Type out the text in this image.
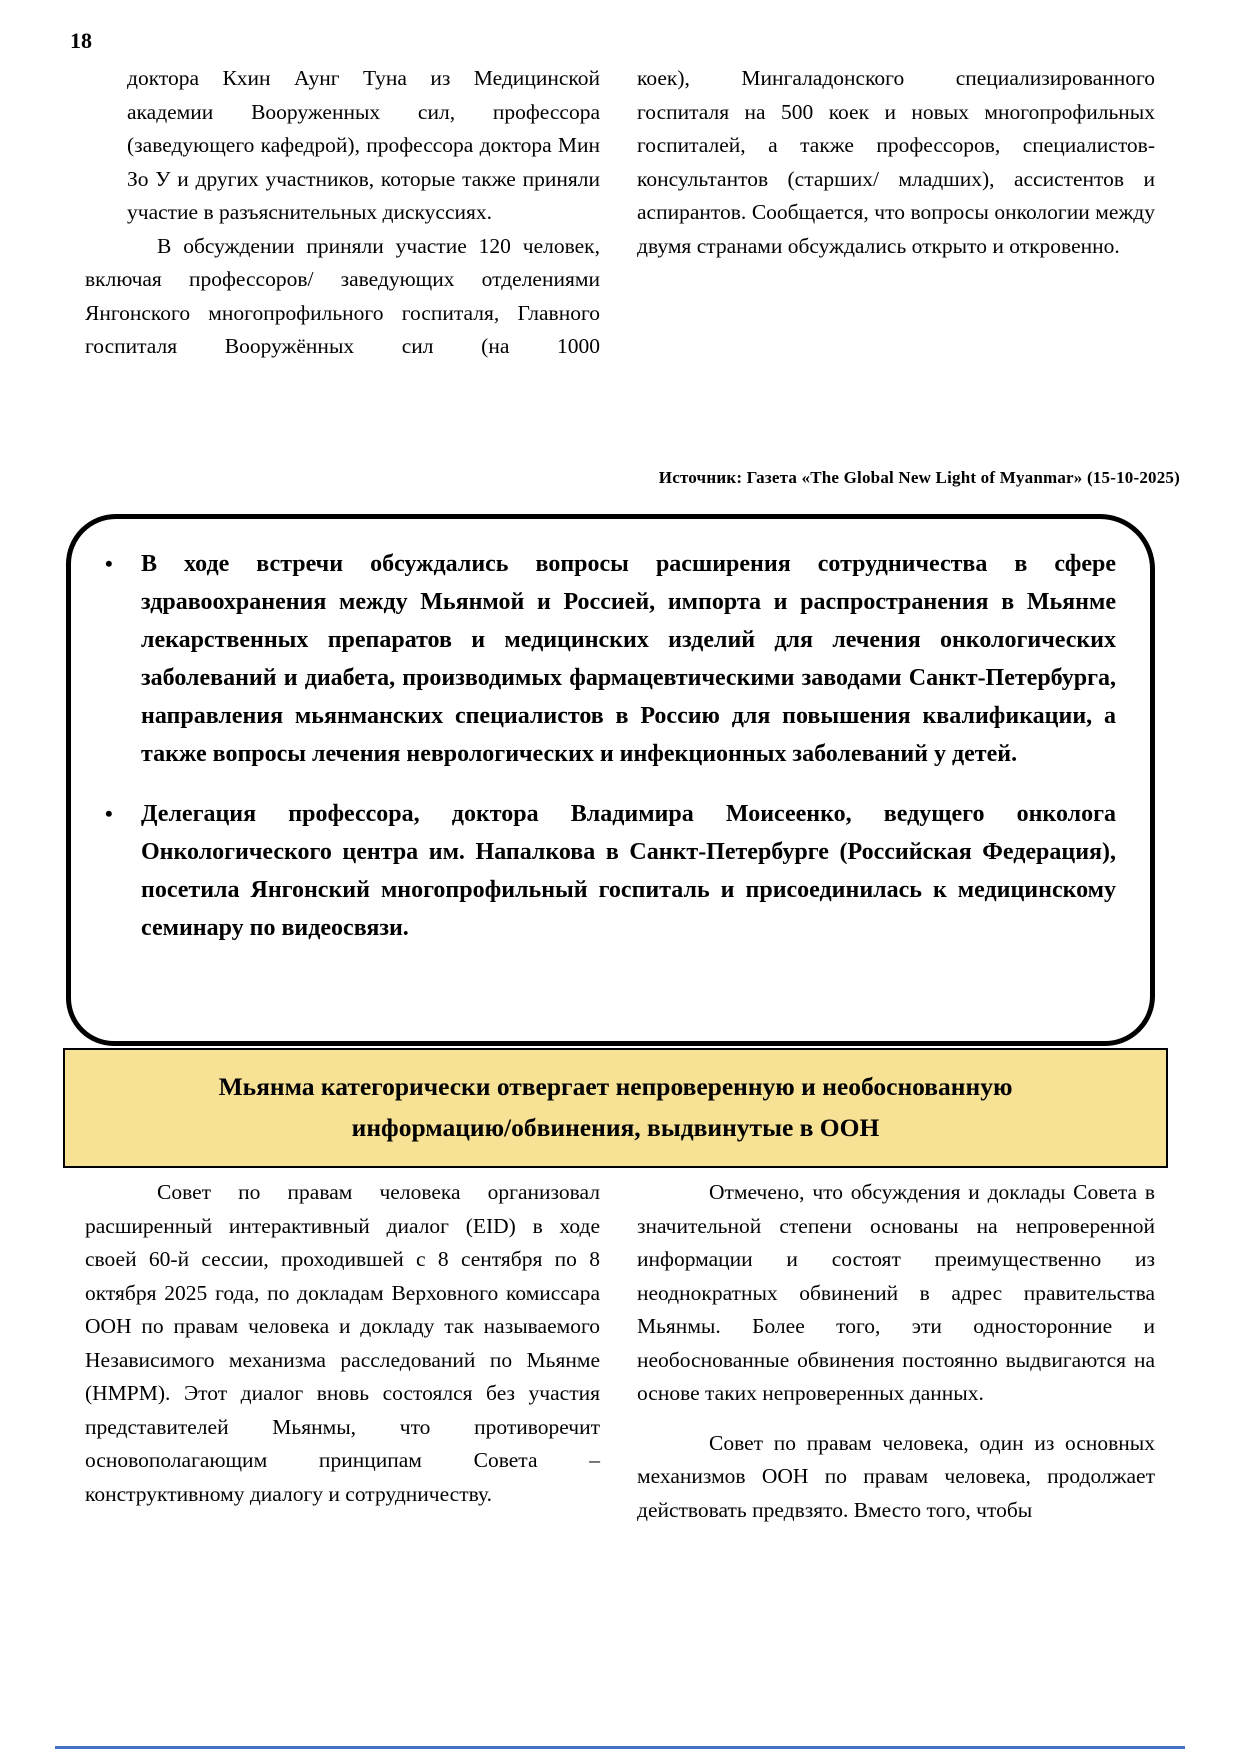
18

доктора Кхин Аунг Туна из Медицинской академии Вооруженных сил, профессора (заведующего кафедрой), профессора доктора Мин Зо У и других участников, которые также приняли участие в разъяснительных дискуссиях.

В обсуждении приняли участие 120 человек, включая профессоров/ заведующих отделениями Янгонского многопрофильного госпиталя, Главного госпиталя Вооружённых сил (на 1000

коек), Мингаладонского специализированного госпиталя на 500 коек и новых многопрофильных госпиталей, а также профессоров, специалистов-консультантов (старших/ младших), ассистентов и аспирантов. Сообщается, что вопросы онкологии между двумя странами обсуждались открыто и откровенно.

Источник: Газета «The Global New Light of Myanmar» (15-10-2025)
•	В ходе встречи обсуждались вопросы расширения сотрудничества в сфере здравоохранения между Мьянмой и Россией, импорта и распространения в Мьянме лекарственных препаратов и медицинских изделий для лечения онкологических заболеваний и диабета, производимых фармацевтическими заводами Санкт-Петербурга, направления мьянманских специалистов в Россию для повышения квалификации, а также вопросы лечения неврологических и инфекционных заболеваний у детей.

•	Делегация профессора, доктора Владимира Моисеенко, ведущего онколога Онкологического центра им. Напалкова в Санкт-Петербурге (Российская Федерация), посетила Янгонский многопрофильный госпиталь и присоединилась к медицинскому семинару по видеосвязи.

Мьянма категорически отвергает непроверенную и необоснованную информацию/обвинения, выдвинутые в ООН

Совет по правам человека организовал расширенный интерактивный диалог (EID) в ходе своей 60-й сессии, проходившей с 8 сентября по 8 октября 2025 года, по докладам Верховного комиссара ООН по правам человека и докладу так называемого Независимого механизма расследований по Мьянме (НМРМ). Этот диалог вновь состоялся без участия представителей Мьянмы, что противоречит основополагающим принципам Совета – конструктивному диалогу и сотрудничеству.

Отмечено, что обсуждения и доклады Совета в значительной степени основаны на непроверенной информации и состоят преимущественно из неоднократных обвинений в адрес правительства Мьянмы. Более того, эти односторонние и необоснованные обвинения постоянно выдвигаются на основе таких непроверенных данных.

Совет по правам человека, один из основных механизмов ООН по правам человека, продолжает действовать предвзято. Вместо того, чтобы
